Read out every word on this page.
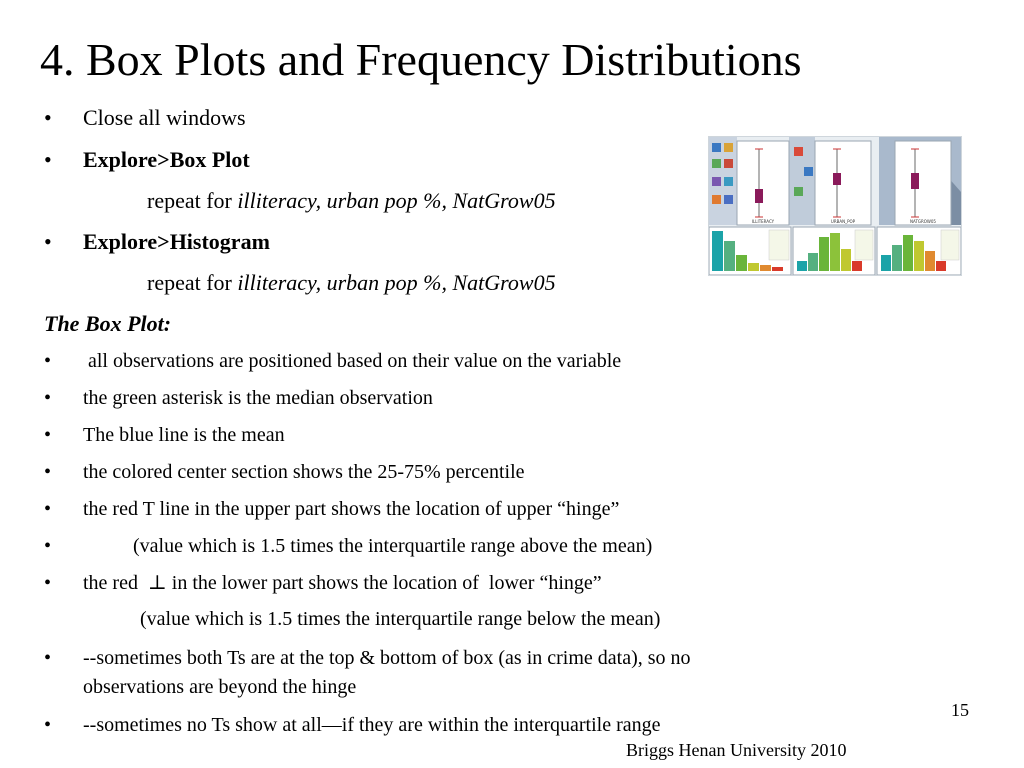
4. Box Plots and Frequency Distributions
• Close all windows
• Explore>Box Plot
repeat for illiteracy, urban pop %, NatGrow05
• Explore>Histogram
repeat for illiteracy, urban pop %, NatGrow05
The Box Plot:
• all observations are positioned based on their value on the variable
• the green asterisk is the median observation
• The blue line is the mean
• the colored center section shows the 25-75% percentile
• the red T line in the upper part shows the location of upper “hinge”
• (value which is 1.5 times the interquartile range above the mean)
• the red  ⊥ in the lower part shows the location of  lower “hinge”
(value which is 1.5 times the interquartile range below the mean)
• --sometimes both Ts are at the top & bottom of box (as in crime data), so no
observations are beyond the hinge
• --sometimes no Ts show at all—if they are within the interquartile range
ILLITERACY	URBAN_POP	NATGROW05
15
Briggs Henan University 2010
